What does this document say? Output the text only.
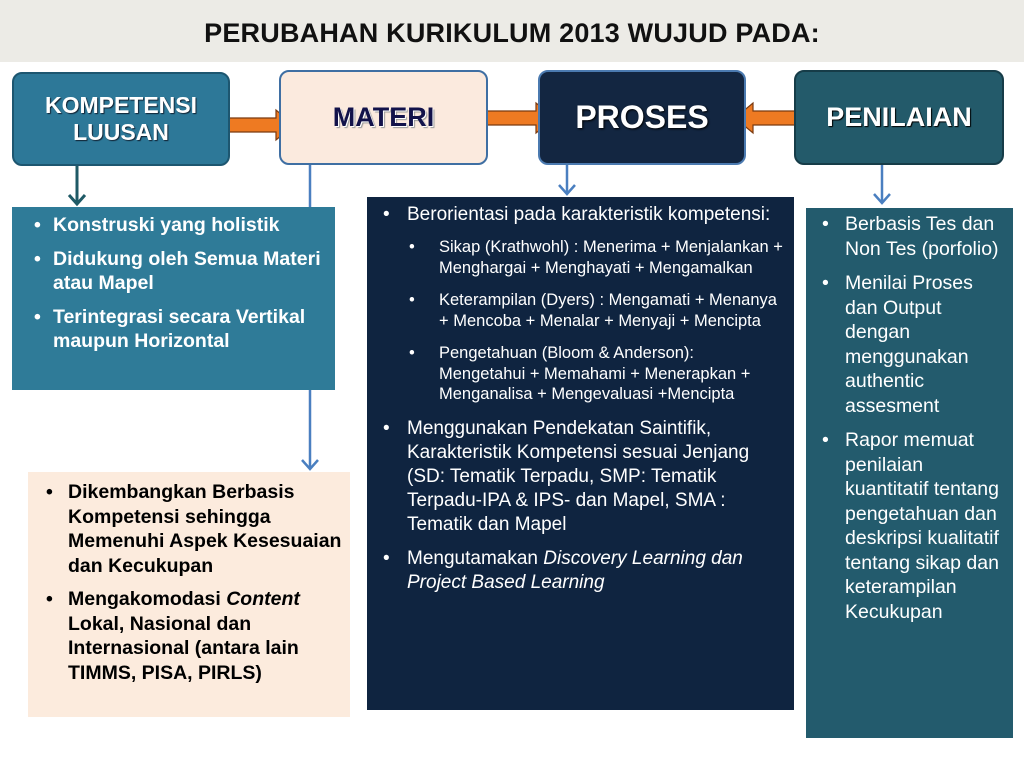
PERUBAHAN KURIKULUM 2013 WUJUD PADA:
KOMPETENSI
LUUSAN	MATERI	PROSES	PENILAIAN
• Konstruski yang holistik
• Didukung oleh Semua Materi atau Mapel
• Terintegrasi secara Vertikal maupun Horizontal
• Dikembangkan Berbasis Kompetensi sehingga Memenuhi Aspek Kesesuaian dan Kecukupan
• Mengakomodasi Content Lokal, Nasional dan Internasional (antara lain TIMMS, PISA, PIRLS)
• Berorientasi pada karakteristik kompetensi:
• Sikap (Krathwohl) : Menerima + Menjalankan + Menghargai + Menghayati + Mengamalkan
• Keterampilan (Dyers) : Mengamati + Menanya + Mencoba + Menalar + Menyaji + Mencipta
• Pengetahuan (Bloom & Anderson): Mengetahui + Memahami + Menerapkan + Menganalisa + Mengevaluasi +Mencipta
• Menggunakan Pendekatan Saintifik, Karakteristik Kompetensi sesuai Jenjang (SD: Tematik Terpadu, SMP: Tematik Terpadu-IPA & IPS- dan Mapel, SMA : Tematik dan Mapel
• Mengutamakan Discovery Learning dan Project Based Learning
• Berbasis Tes dan Non Tes (porfolio)
• Menilai Proses dan Output dengan menggunakan authentic assesment
• Rapor memuat penilaian kuantitatif tentang pengetahuan dan deskripsi kualitatif tentang sikap dan keterampilan Kecukupan
